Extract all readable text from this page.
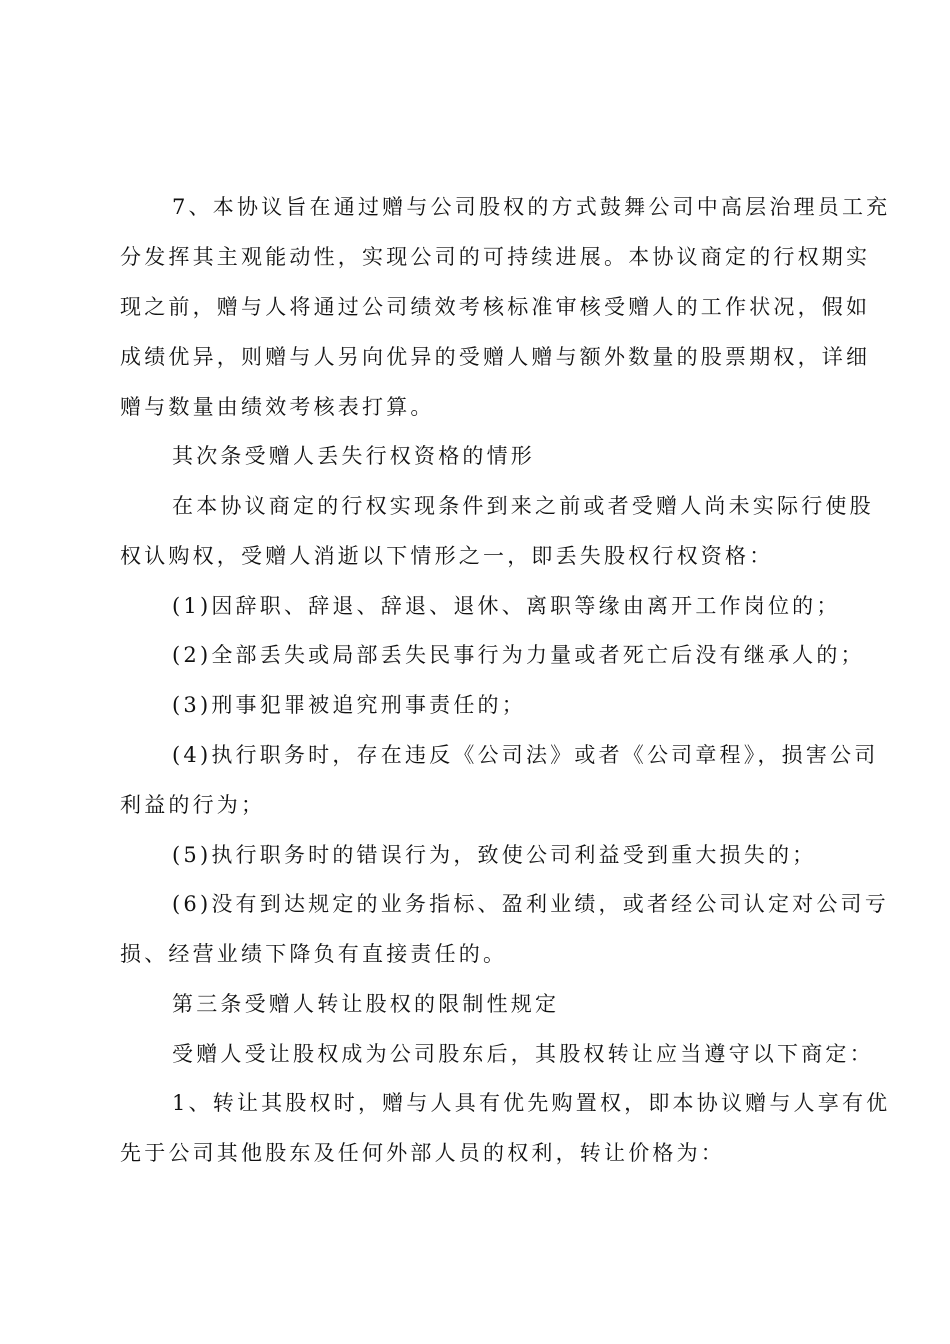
7、本协议旨在通过赠与公司股权的方式鼓舞公司中高层治理员工充
分发挥其主观能动性，实现公司的可持续进展。本协议商定的行权期实
现之前，赠与人将通过公司绩效考核标准审核受赠人的工作状况，假如
成绩优异，则赠与人另向优异的受赠人赠与额外数量的股票期权，详细
赠与数量由绩效考核表打算。
其次条受赠人丢失行权资格的情形
在本协议商定的行权实现条件到来之前或者受赠人尚未实际行使股
权认购权，受赠人消逝以下情形之一，即丢失股权行权资格：
(1)因辞职、辞退、辞退、退休、离职等缘由离开工作岗位的；
(2)全部丢失或局部丢失民事行为力量或者死亡后没有继承人的；
(3)刑事犯罪被追究刑事责任的；
(4)执行职务时，存在违反《公司法》或者《公司章程》，损害公司
利益的行为；
(5)执行职务时的错误行为，致使公司利益受到重大损失的；
(6)没有到达规定的业务指标、盈利业绩，或者经公司认定对公司亏
损、经营业绩下降负有直接责任的。
第三条受赠人转让股权的限制性规定
受赠人受让股权成为公司股东后，其股权转让应当遵守以下商定：
1、转让其股权时，赠与人具有优先购置权，即本协议赠与人享有优
先于公司其他股东及任何外部人员的权利，转让价格为：
